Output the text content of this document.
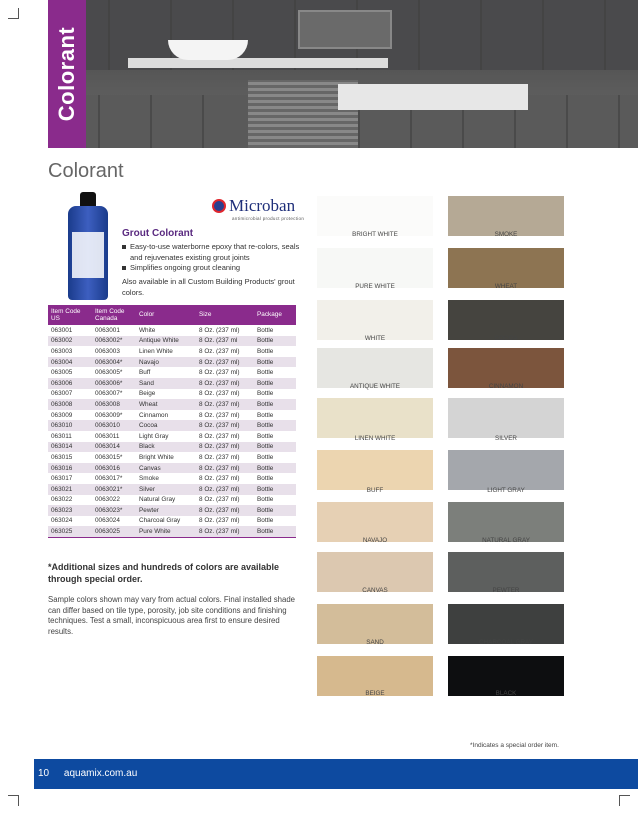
Colorant
Colorant
Microban
antimicrobial product protection
Grout Colorant
Easy-to-use waterborne epoxy that re-colors, seals and rejuvenates existing grout joints
Simplifies ongoing grout cleaning
Also available in all Custom Building Products' grout colors.
Item Code US	Item Code Canada	Color	Size	Package
063001	0063001	White	8 Oz. (237 ml)	Bottle
063002	0063002*	Antique White	8 Oz. (237 ml	Bottle
063003	0063003	Linen White	8 Oz. (237 ml)	Bottle
063004	0063004*	Navajo	8 Oz. (237 ml)	Bottle
063005	0063005*	Buff	8 Oz. (237 ml)	Bottle
063006	0063006*	Sand	8 Oz. (237 ml)	Bottle
063007	0063007*	Beige	8 Oz. (237 ml)	Bottle
063008	0063008	Wheat	8 Oz. (237 ml)	Bottle
063009	0063009*	Cinnamon	8 Oz. (237 ml)	Bottle
063010	0063010	Cocoa	8 Oz. (237 ml)	Bottle
063011	0063011	Light Gray	8 Oz. (237 ml)	Bottle
063014	0063014	Black	8 Oz. (237 ml)	Bottle
063015	0063015*	Bright White	8 Oz. (237 ml)	Bottle
063016	0063016	Canvas	8 Oz. (237 ml)	Bottle
063017	0063017*	Smoke	8 Oz. (237 ml)	Bottle
063021	0063021*	Silver	8 Oz. (237 ml)	Bottle
063022	0063022	Natural Gray	8 Oz. (237 ml)	Bottle
063023	0063023*	Pewter	8 Oz. (237 ml)	Bottle
063024	0063024	Charcoal Gray	8 Oz. (237 ml)	Bottle
063025	0063025	Pure White	8 Oz. (237 ml)	Bottle
*Additional sizes and hundreds of colors are available through special order.
Sample colors shown may vary from actual colors. Final installed shade can differ based on tile type, porosity, job site conditions and finishing techniques. Test a small, inconspicuous area first to ensure desired results.
BRIGHT WHITE
PURE WHITE
WHITE
ANTIQUE WHITE
LINEN WHITE
BUFF
NAVAJO
CANVAS
SAND
BEIGE
SMOKE
WHEAT
COCOA
CINNAMON
SILVER
LIGHT GRAY
NATURAL GRAY
PEWTER
CHARCOAL GRAY
BLACK
*Indicates a special order item.
10 aquamix.com.au
